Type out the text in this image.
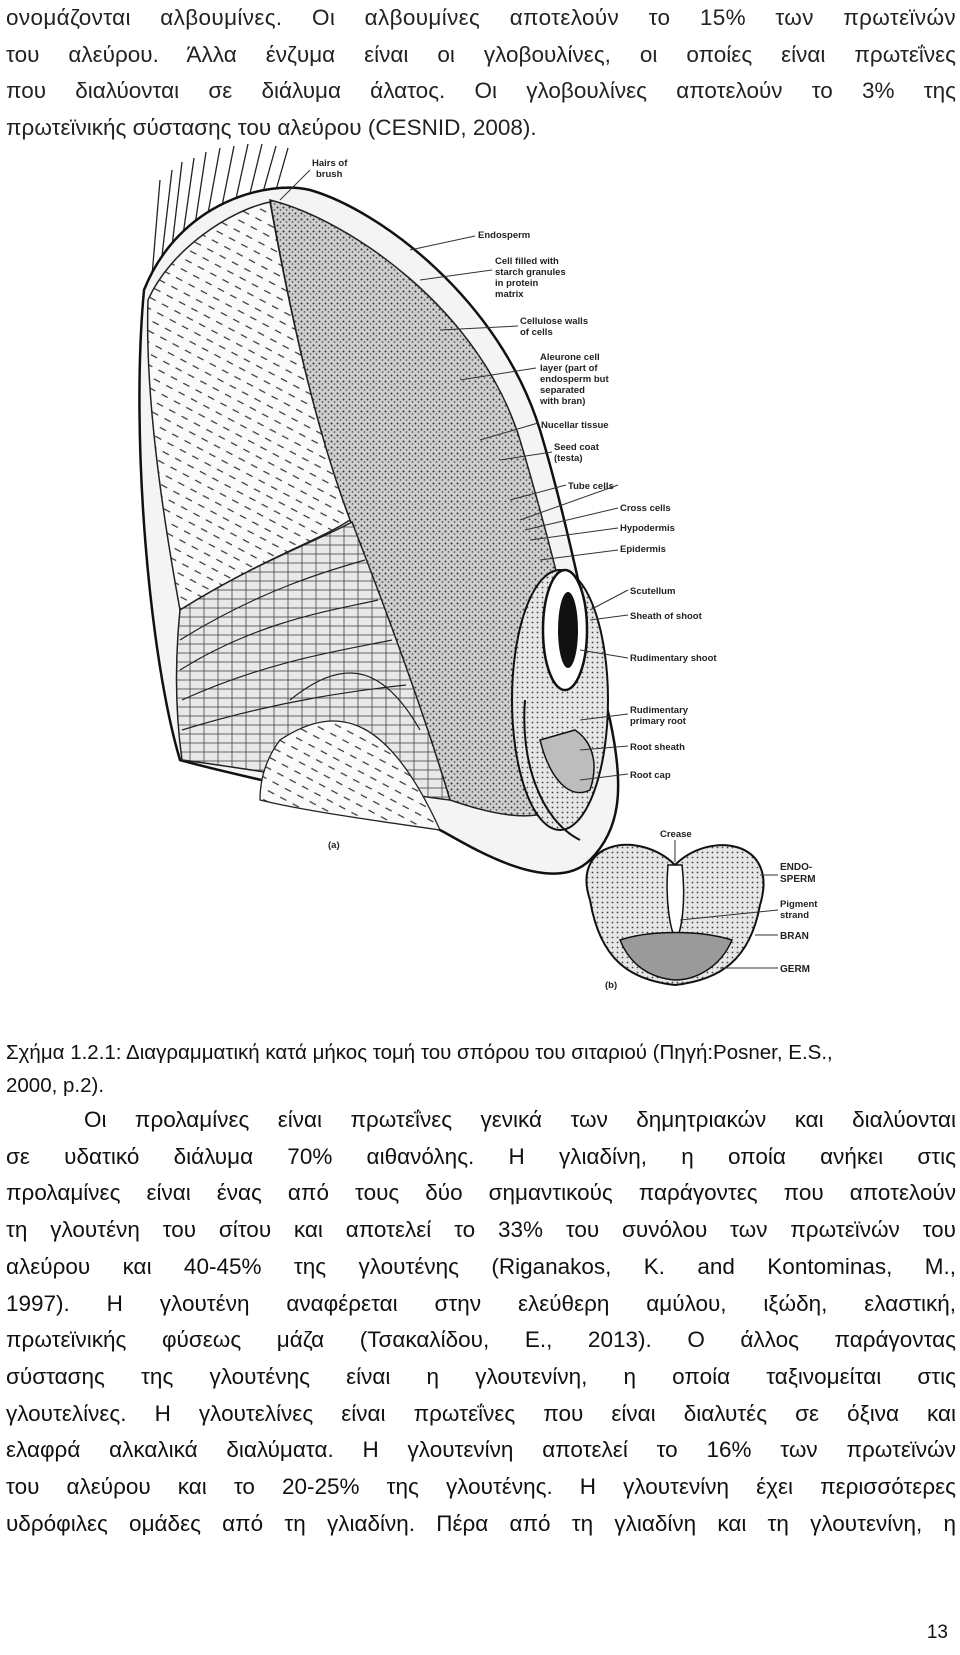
ονομάζονται αλβουμίνες. Οι αλβουμίνες αποτελούν το 15% των πρωτεϊνών
του αλεύρου. Άλλα ένζυμα είναι οι γλοβουλίνες, οι οποίες είναι πρωτεΐνες
που διαλύονται σε διάλυμα άλατος. Οι γλοβουλίνες αποτελούν το 3% της
πρωτεϊνικής σύστασης του αλεύρου (CESNID, 2008).
Hairs of
brush
Endosperm
Cell filled with
starch granules
in protein
matrix
Cellulose walls
of cells
Aleurone cell
layer (part of
endosperm but
separated
with bran)
Nucellar tissue
Seed coat
(testa)
Tube cells
Cross cells
Hypodermis
Epidermis
Scutellum
Sheath of shoot
Rudimentary shoot
Rudimentary
primary root
Root sheath
Root cap
(a)
Crease
ENDO-
SPERM
Pigment
strand
BRAN
GERM
(b)
Σχήμα 1.2.1: Διαγραμματική κατά μήκος τομή του σπόρου του σιταριού (Πηγή:Posner, E.S.,
2000, p.2).
Οι προλαμίνες είναι πρωτεΐνες γενικά των δημητριακών και διαλύονται
σε υδατικό διάλυμα 70% αιθανόλης. Η γλιαδίνη, η οποία ανήκει στις
προλαμίνες είναι ένας από τους δύο σημαντικούς παράγοντες που αποτελούν
τη γλουτένη του σίτου και αποτελεί το 33% του συνόλου των πρωτεϊνών του
αλεύρου και 40-45% της γλουτένης (Riganakos, K. and Kontominas, M.,
1997). Η γλουτένη αναφέρεται στην ελεύθερη αμύλου, ιξώδη, ελαστική,
πρωτεϊνικής φύσεως μάζα (Τσακαλίδου, Ε., 2013). Ο άλλος παράγοντας
σύστασης της γλουτένης είναι η γλουτενίνη, η οποία ταξινομείται στις
γλουτελίνες. Η γλουτελίνες είναι πρωτεΐνες που είναι διαλυτές σε όξινα και
ελαφρά αλκαλικά διαλύματα. Η γλουτενίνη αποτελεί το 16% των πρωτεϊνών
του αλεύρου και το 20-25% της γλουτένης. Η γλουτενίνη έχει περισσότερες
υδρόφιλες ομάδες από τη γλιαδίνη. Πέρα από τη γλιαδίνη και τη γλουτενίνη, η
13
